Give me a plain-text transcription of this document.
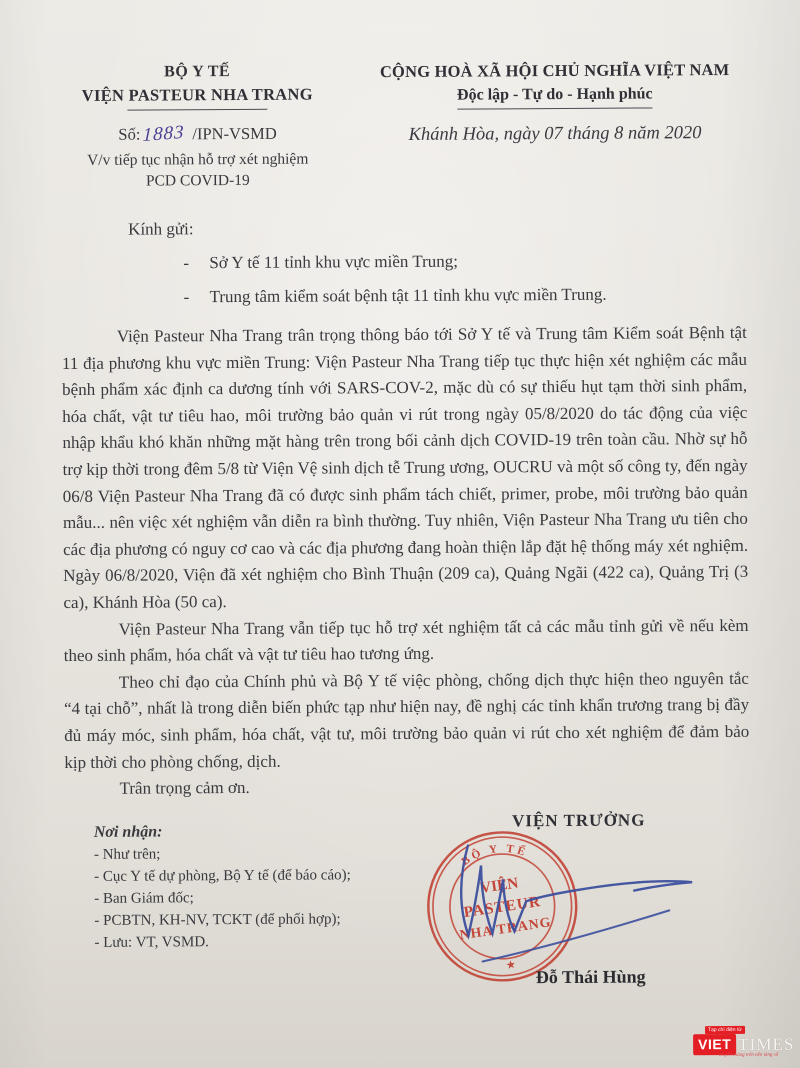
BỘ Y TẾ
VIỆN PASTEUR NHA TRANG
Số:1883 /IPN-VSMD
V/v tiếp tục nhận hỗ trợ xét nghiệm
PCD COVID-19
CỘNG HOÀ XÃ HỘI CHỦ NGHĨA VIỆT NAM
Độc lập - Tự do - Hạnh phúc
Khánh Hòa, ngày 07 tháng 8 năm 2020
Kính gửi:
-	Sở Y tế 11 tỉnh khu vực miền Trung;
-	Trung tâm kiểm soát bệnh tật 11 tỉnh khu vực miền Trung.

Viện Pasteur Nha Trang trân trọng thông báo tới Sở Y tế và Trung tâm Kiểm soát Bệnh tật 11 địa phương khu vực miền Trung: Viện Pasteur Nha Trang tiếp tục thực hiện xét nghiệm các mẫu bệnh phẩm xác định ca dương tính với SARS-COV-2, mặc dù có sự thiếu hụt tạm thời sinh phẩm, hóa chất, vật tư tiêu hao, môi trường bảo quản vi rút trong ngày 05/8/2020 do tác động của việc nhập khẩu khó khăn những mặt hàng trên trong bối cảnh dịch COVID-19 trên toàn cầu. Nhờ sự hỗ trợ kịp thời trong đêm 5/8 từ Viện Vệ sinh dịch tễ Trung ương, OUCRU và một số công ty, đến ngày 06/8 Viện Pasteur Nha Trang đã có được sinh phẩm tách chiết, primer, probe, môi trường bảo quản mẫu... nên việc xét nghiệm vẫn diễn ra bình thường. Tuy nhiên, Viện Pasteur Nha Trang ưu tiên cho các địa phương có nguy cơ cao và các địa phương đang hoàn thiện lắp đặt hệ thống máy xét nghiệm. Ngày 06/8/2020, Viện đã xét nghiệm cho Bình Thuận (209 ca), Quảng Ngãi (422 ca), Quảng Trị (3 ca), Khánh Hòa (50 ca).

Viện Pasteur Nha Trang vẫn tiếp tục hỗ trợ xét nghiệm tất cả các mẫu tỉnh gửi về nếu kèm theo sinh phẩm, hóa chất và vật tư tiêu hao tương ứng.

Theo chỉ đạo của Chính phủ và Bộ Y tế việc phòng, chống dịch thực hiện theo nguyên tắc “4 tại chỗ”, nhất là trong diễn biến phức tạp như hiện nay, đề nghị các tỉnh khẩn trương trang bị đầy đủ máy móc, sinh phẩm, hóa chất, vật tư, môi trường bảo quản vi rút cho xét nghiệm để đảm bảo kịp thời cho phòng chống, dịch.

Trân trọng cảm ơn.

Nơi nhận:
- Như trên;
- Cục Y tế dự phòng, Bộ Y tế (để báo cáo);
- Ban Giám đốc;
- PCBTN, KH-NV, TCKT (để phối hợp);
- Lưu: VT, VSMD.
VIỆN TRƯỞNG
BỘ Y TẾ
VIỆN
PASTEUR
NHA TRANG
★
Đỗ Thái Hùng
Tạp chí điện tử
VIET TIMES
truyền thông trên nền tảng số
